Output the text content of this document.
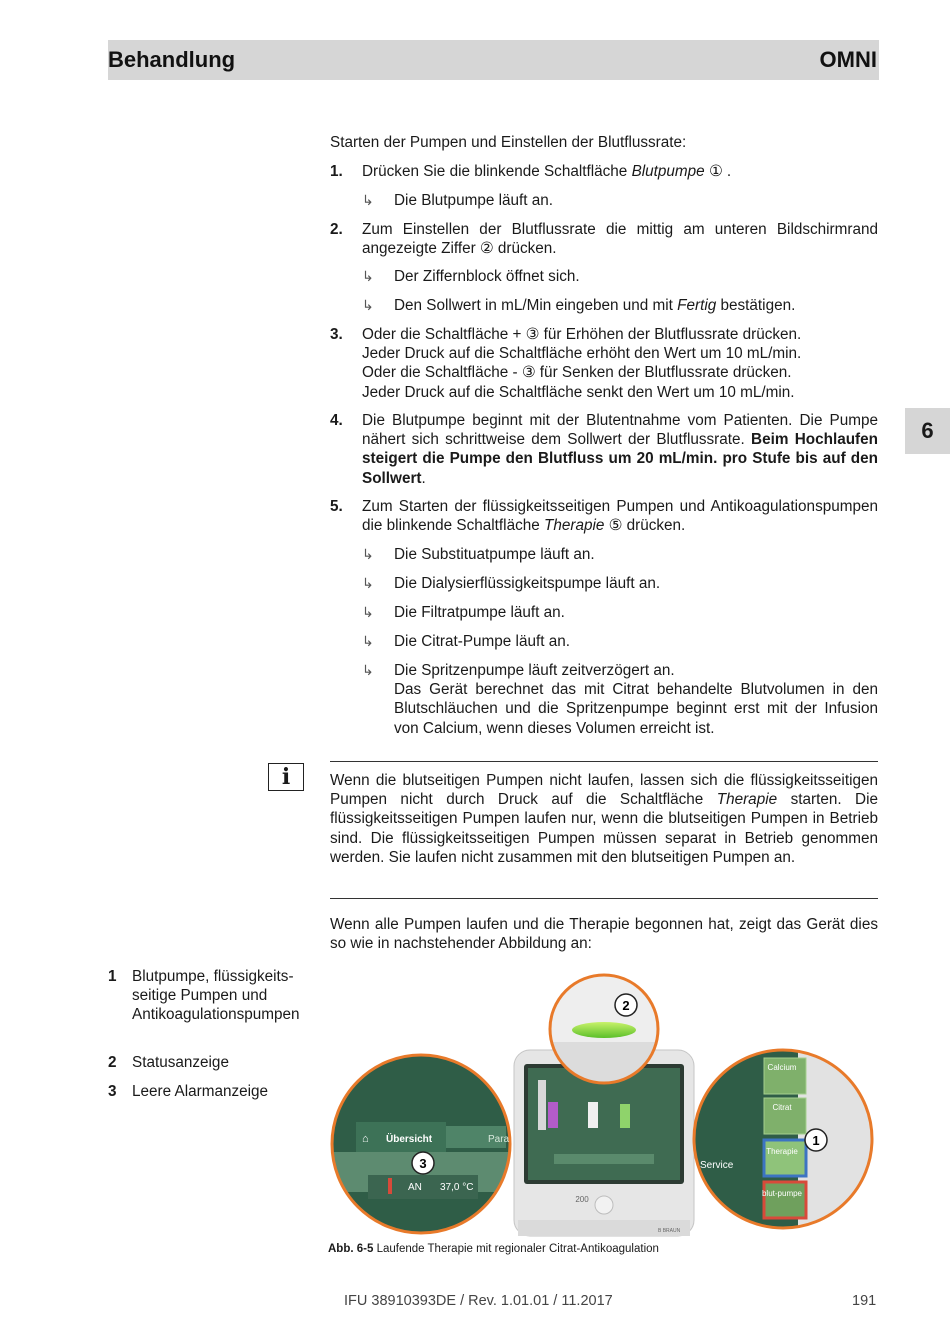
Behandlung	OMNI
6
Starten der Pumpen und Einstellen der Blutflussrate:
1. Drücken Sie die blinkende Schaltfläche Blutpumpe ① .
↳ Die Blutpumpe läuft an.
2. Zum Einstellen der Blutflussrate die mittig am unteren Bildschirmrand angezeigte Ziffer ② drücken.
↳ Der Ziffernblock öffnet sich.
↳ Den Sollwert in mL/Min eingeben und mit Fertig bestätigen.
3. Oder die Schaltfläche + ③ für Erhöhen der Blutflussrate drücken.
Jeder Druck auf die Schaltfläche erhöht den Wert um 10 mL/min.
Oder die Schaltfläche - ③ für Senken der Blutflussrate drücken.
Jeder Druck auf die Schaltfläche senkt den Wert um 10 mL/min.
4. Die Blutpumpe beginnt mit der Blutentnahme vom Patienten. Die Pumpe nähert sich schrittweise dem Sollwert der Blutflussrate. Beim Hochlaufen steigert die Pumpe den Blutfluss um 20 mL/min. pro Stufe bis auf den Sollwert.
5. Zum Starten der flüssigkeitsseitigen Pumpen und Antikoagulationspumpen die blinkende Schaltfläche Therapie ⑤ drücken.
↳ Die Substituatpumpe läuft an.
↳ Die Dialysierflüssigkeitspumpe läuft an.
↳ Die Filtratpumpe läuft an.
↳ Die Citrat-Pumpe läuft an.
↳ Die Spritzenpumpe läuft zeitverzögert an.
Das Gerät berechnet das mit Citrat behandelte Blutvolumen in den Blutschläuchen und die Spritzenpumpe beginnt erst mit der Infusion von Calcium, wenn dieses Volumen erreicht ist.
i	Wenn die blutseitigen Pumpen nicht laufen, lassen sich die flüssigkeitsseitigen Pumpen nicht durch Druck auf die Schaltfläche Therapie starten. Die flüssigkeitsseitigen Pumpen laufen nur, wenn die blutseitigen Pumpen in Betrieb sind. Die flüssigkeitsseitigen Pumpen müssen separat in Betrieb genommen werden. Sie laufen nicht zusammen mit den blutseitigen Pumpen an.
Wenn alle Pumpen laufen und die Therapie begonnen hat, zeigt das Gerät dies so wie in nachstehender Abbildung an:
1 Blutpumpe, flüssigkeitsseitige Pumpen und Antikoagulationspumpen
2 Statusanzeige
3 Leere Alarmanzeige
200
B BRAUN
⌂ Übersicht	Para
AN 37,0 °C
Calcium
Citrat
Therapie
blut-pumpe
Service
2
1
3
Abb. 6-5 Laufende Therapie mit regionaler Citrat-Antikoagulation
IFU 38910393DE / Rev. 1.01.01 / 11.2017	191
